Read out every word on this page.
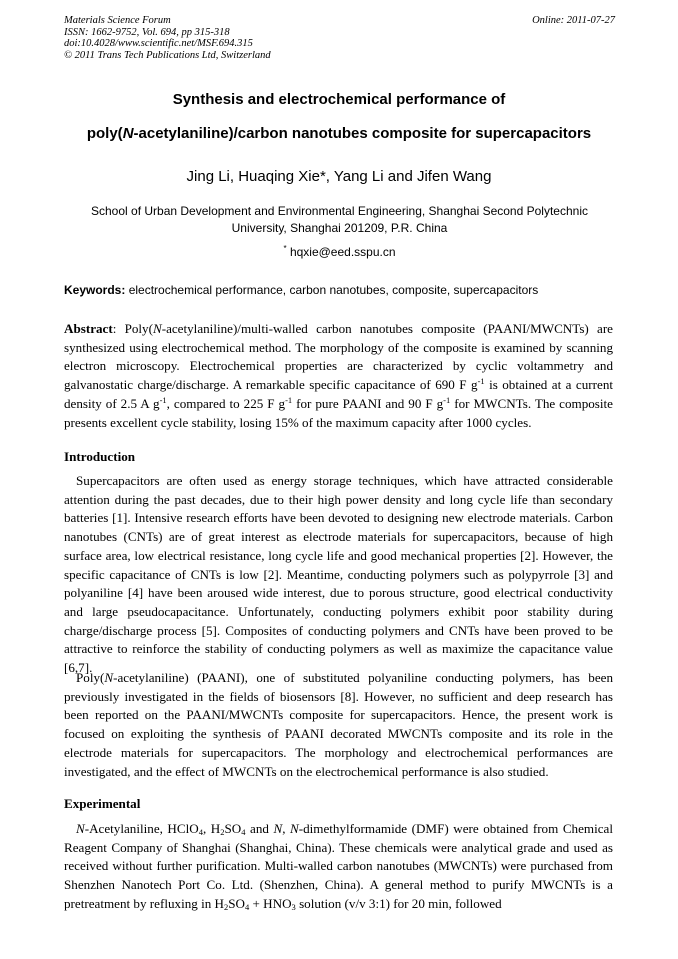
Materials Science Forum
ISSN: 1662-9752, Vol. 694, pp 315-318
doi:10.4028/www.scientific.net/MSF.694.315
© 2011 Trans Tech Publications Ltd, Switzerland
Online: 2011-07-27
Synthesis and electrochemical performance of
poly(N-acetylaniline)/carbon nanotubes composite for supercapacitors
Jing Li, Huaqing Xie*, Yang Li and Jifen Wang
School of Urban Development and Environmental Engineering, Shanghai Second Polytechnic University, Shanghai 201209, P.R. China
* hqxie@eed.sspu.cn
Keywords: electrochemical performance, carbon nanotubes, composite, supercapacitors

Abstract: Poly(N-acetylaniline)/multi-walled carbon nanotubes composite (PAANI/MWCNTs) are synthesized using electrochemical method. The morphology of the composite is examined by scanning electron microscopy. Electrochemical properties are characterized by cyclic voltammetry and galvanostatic charge/discharge. A remarkable specific capacitance of 690 F $g^{-1}$ is obtained at a current density of 2.5 A $g^{-1}$, compared to 225 F $g^{-1}$ for pure PAANI and 90 F $g^{-1}$ for MWCNTs. The composite presents excellent cycle stability, losing 15% of the maximum capacity after 1000 cycles.

Introduction

Supercapacitors are often used as energy storage techniques, which have attracted considerable attention during the past decades, due to their high power density and long cycle life than secondary batteries [1]. Intensive research efforts have been devoted to designing new electrode materials. Carbon nanotubes (CNTs) are of great interest as electrode materials for supercapacitors, because of high surface area, low electrical resistance, long cycle life and good mechanical properties [2]. However, the specific capacitance of CNTs is low [2]. Meantime, conducting polymers such as polypyrrole [3] and polyaniline [4] have been aroused wide interest, due to porous structure, good electrical conductivity and large pseudocapacitance. Unfortunately, conducting polymers exhibit poor stability during charge/discharge process [5]. Composites of conducting polymers and CNTs have been proved to be attractive to reinforce the stability of conducting polymers as well as maximize the capacitance value [6,7].

Poly(N-acetylaniline) (PAANI), one of substituted polyaniline conducting polymers, has been previously investigated in the fields of biosensors [8]. However, no sufficient and deep research has been reported on the PAANI/MWCNTs composite for supercapacitors. Hence, the present work is focused on exploiting the synthesis of PAANI decorated MWCNTs composite and its role in the electrode materials for supercapacitors. The morphology and electrochemical performances are investigated, and the effect of MWCNTs on the electrochemical performance is also studied.

Experimental

N-Acetylaniline, HClO$_4$, $H_2SO_4$ and N, N-dimethylformamide (DMF) were obtained from Chemical Reagent Company of Shanghai (Shanghai, China). These chemicals were analytical grade and used as received without further purification. Multi-walled carbon nanotubes (MWCNTs) were purchased from Shenzhen Nanotech Port Co. Ltd. (Shenzhen, China). A general method to purify MWCNTs is a pretreatment by refluxing in $H_2SO_4 + HNO_3$ solution (v/v 3:1) for 20 min, followed
